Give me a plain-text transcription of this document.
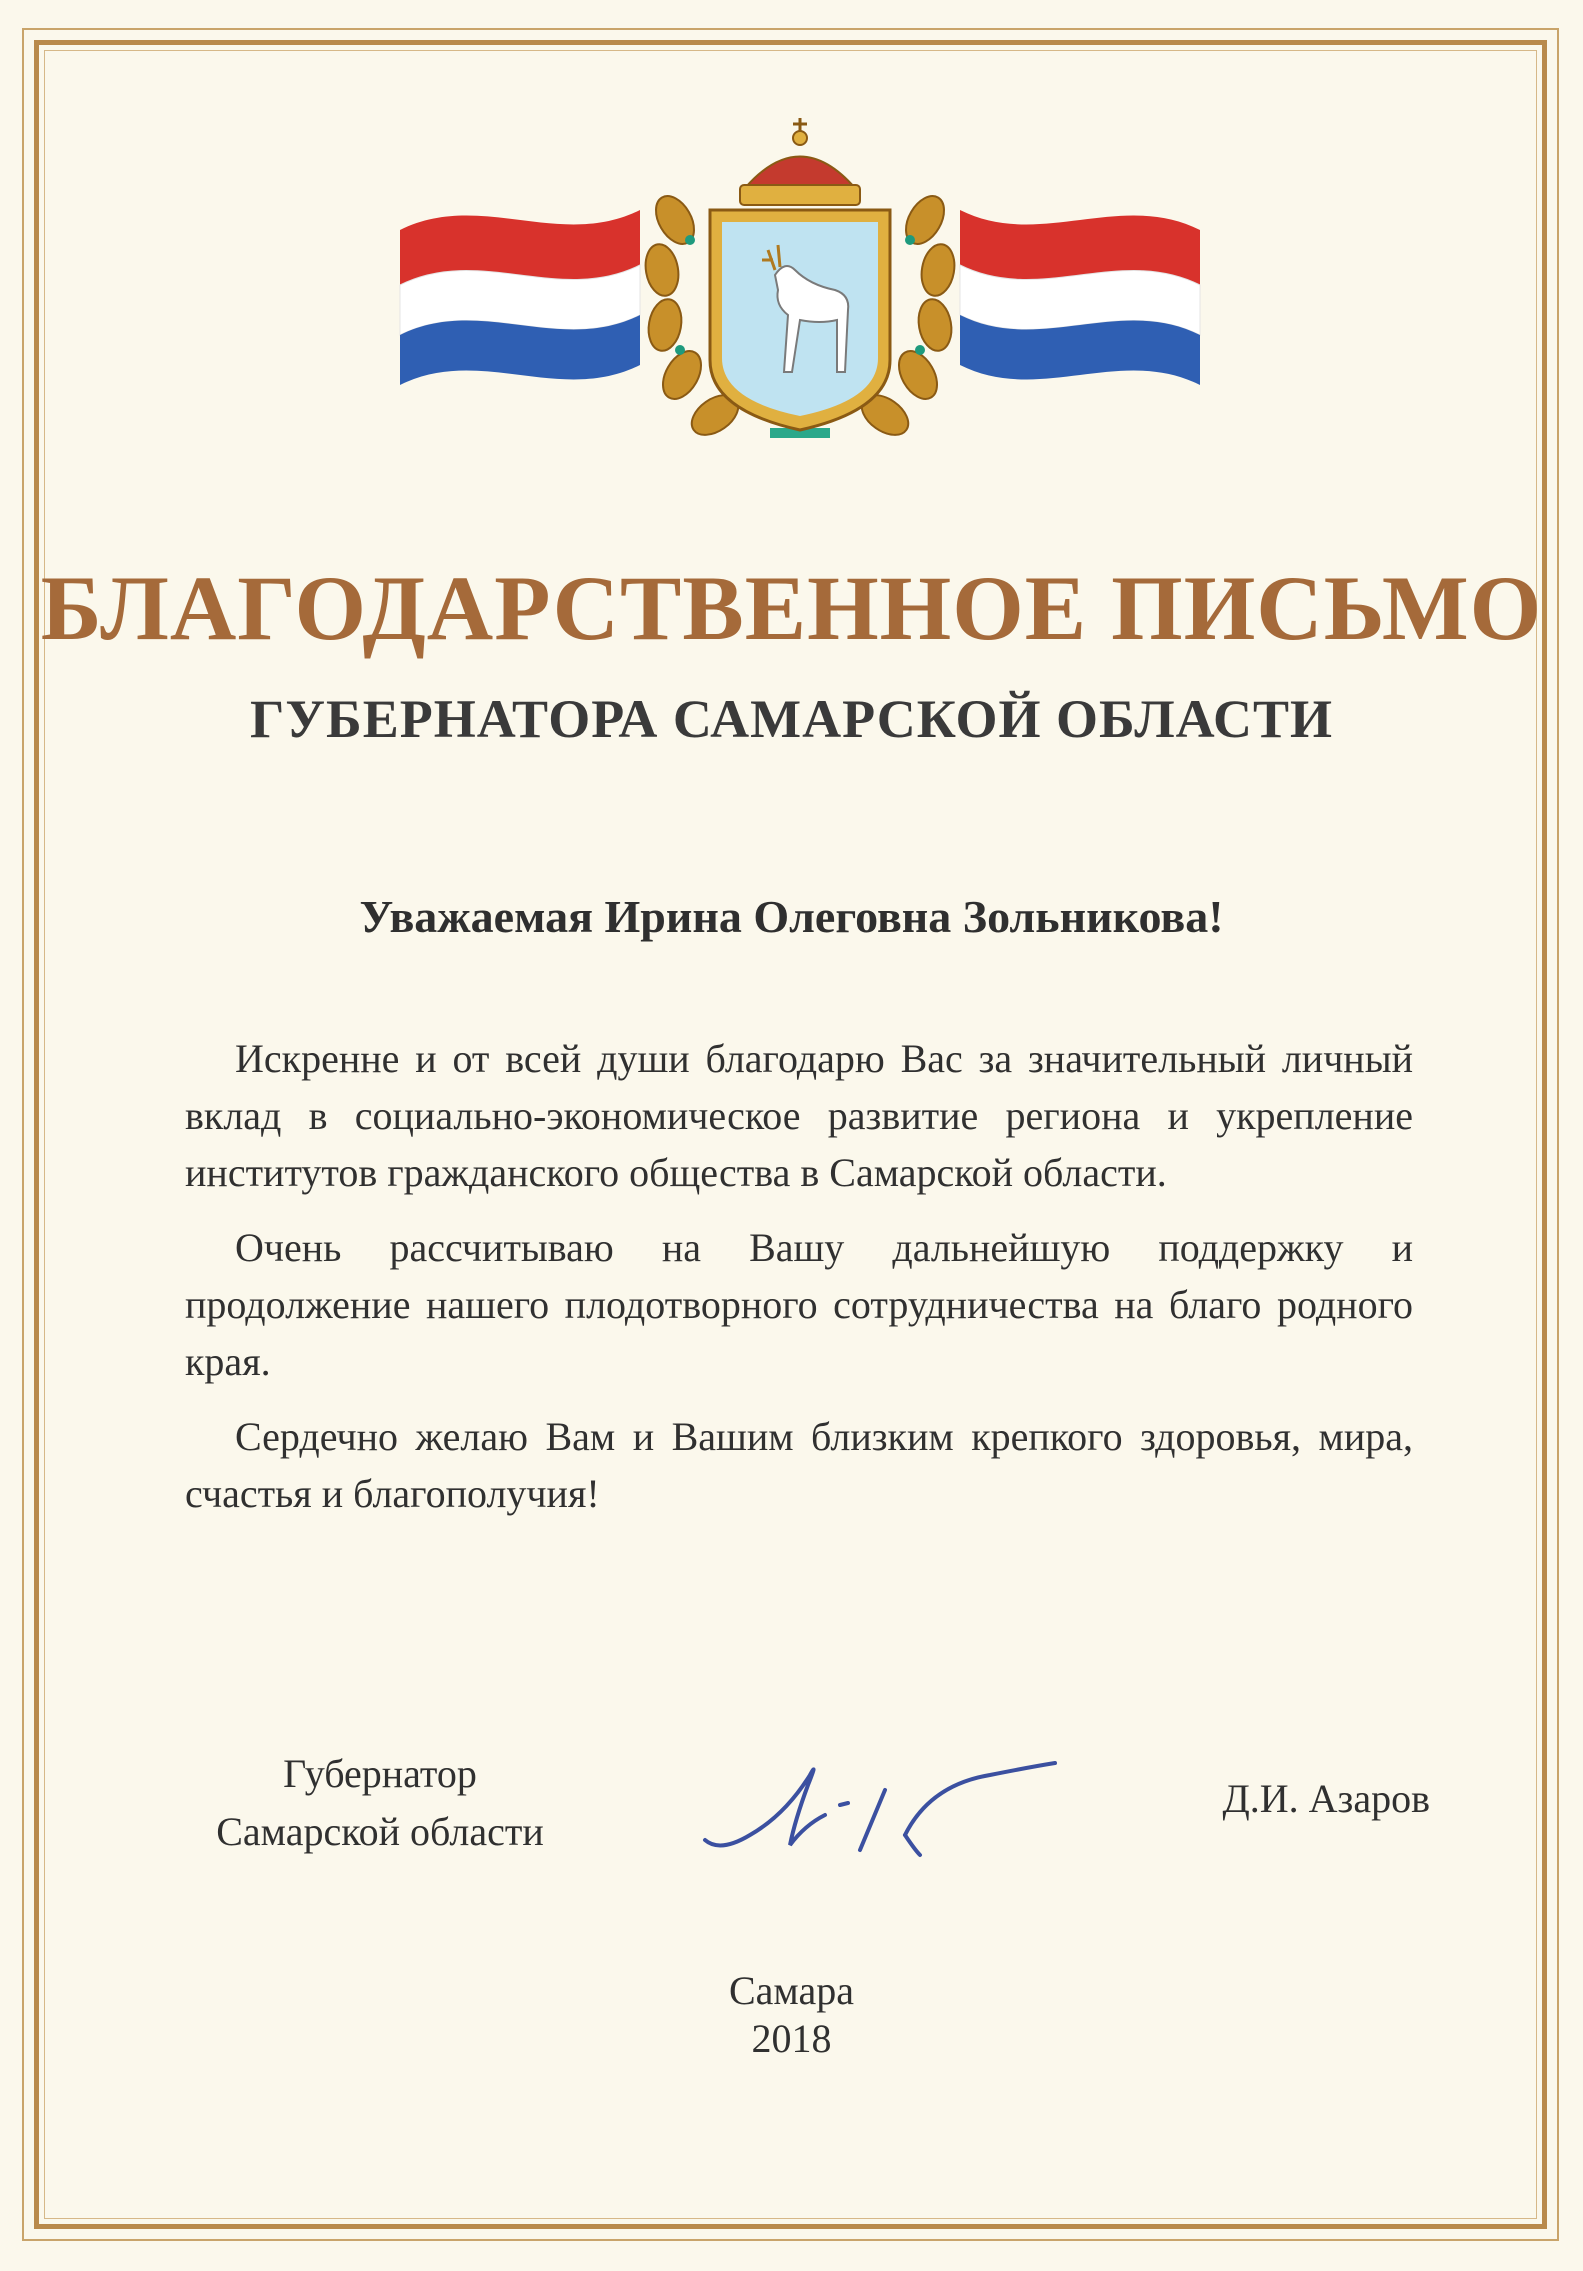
БЛАГОДАРСТВЕННОЕ ПИСЬМО
ГУБЕРНАТОРА САМАРСКОЙ ОБЛАСТИ
Уважаемая Ирина Олеговна Зольникова!

Искренне и от всей души благодарю Вас за значительный личный вклад в социально-экономическое развитие региона и укрепление институтов гражданского общества в Самарской области.

Очень рассчитываю на Вашу дальнейшую поддержку и продолжение нашего плодотворного сотрудничества на благо родного края.

Сердечно желаю Вам и Вашим близким крепкого здоровья, мира, счастья и благополучия!

Губернатор
Самарской области
Д.И. Азаров
Самара
2018
